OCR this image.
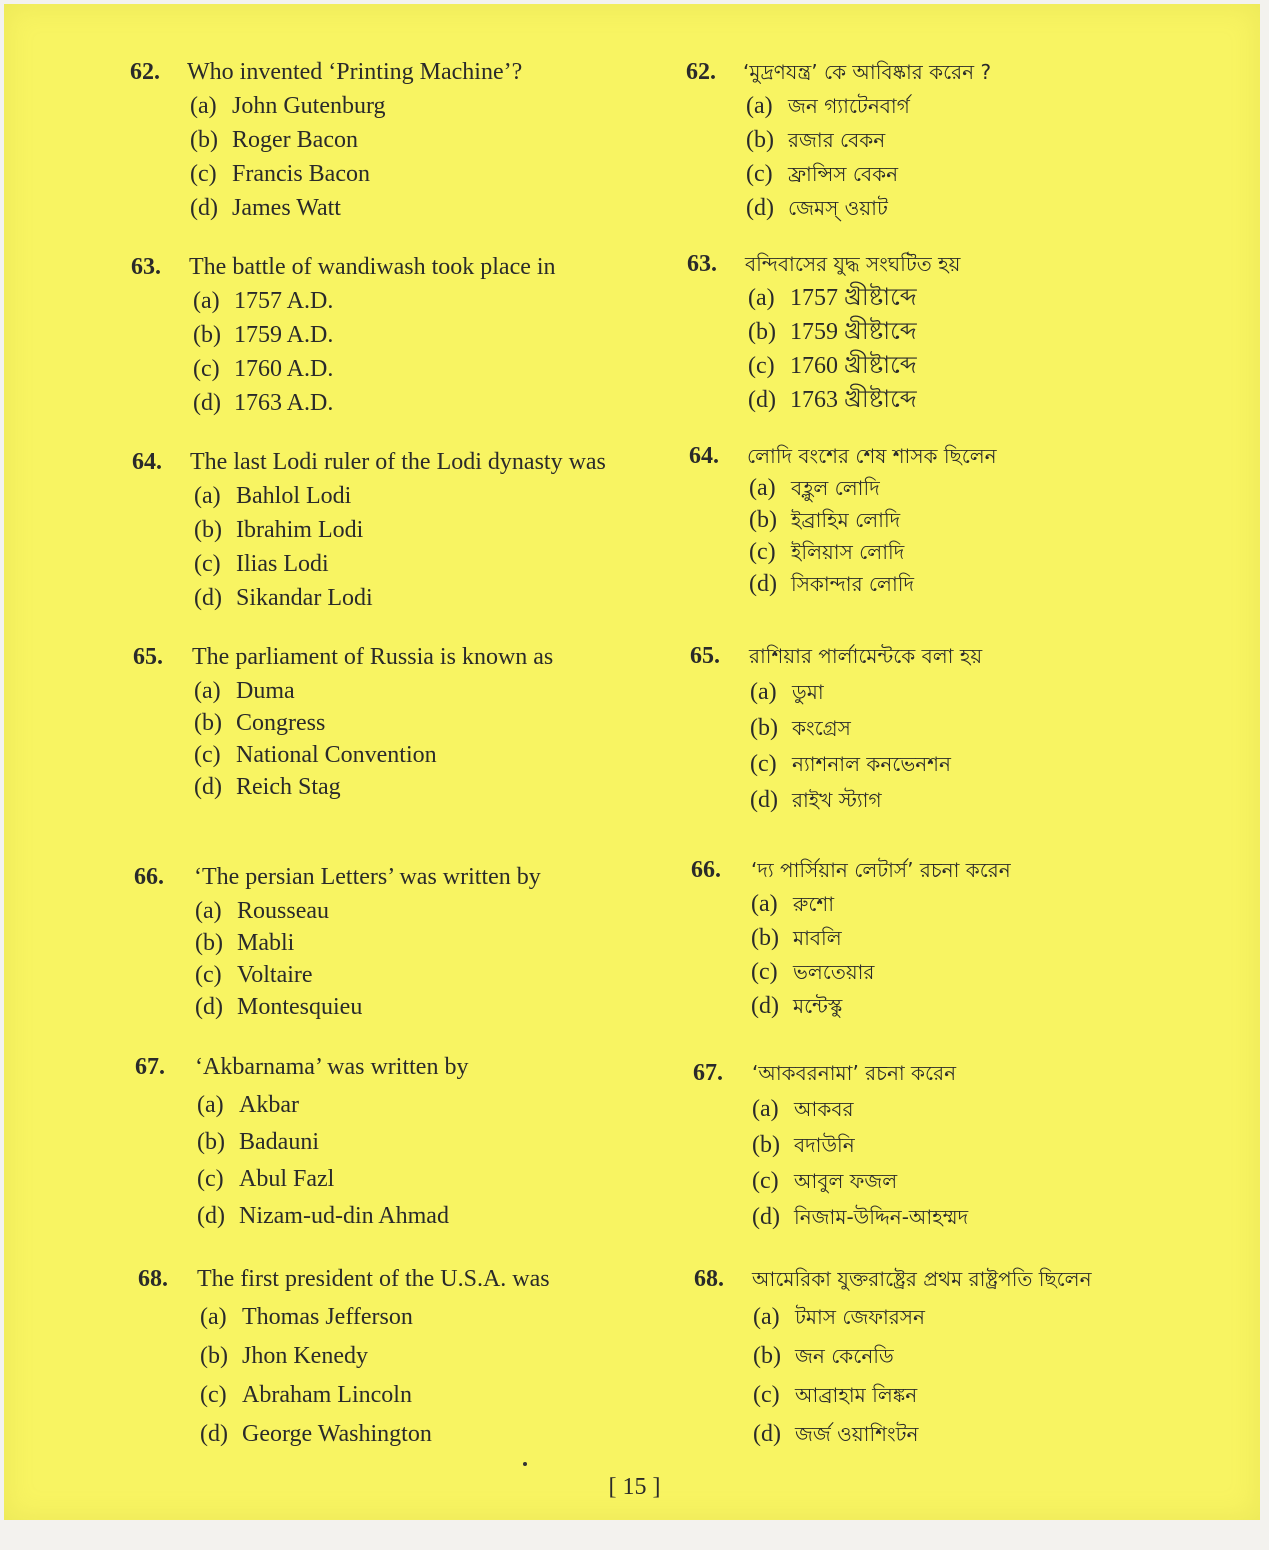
62. Who invented ‘Printing Machine’?
(a) John Gutenburg
(b) Roger Bacon
(c) Francis Bacon
(d) James Watt
63. The battle of wandiwash took place in
(a) 1757 A.D.
(b) 1759 A.D.
(c) 1760 A.D.
(d) 1763 A.D.
64. The last Lodi ruler of the Lodi dynasty was
(a) Bahlol Lodi
(b) Ibrahim Lodi
(c) Ilias Lodi
(d) Sikandar Lodi
65. The parliament of Russia is known as
(a) Duma
(b) Congress
(c) National Convention
(d) Reich Stag
66. ‘The persian Letters’ was written by
(a) Rousseau
(b) Mabli
(c) Voltaire
(d) Montesquieu
67. ‘Akbarnama’ was written by
(a) Akbar
(b) Badauni
(c) Abul Fazl
(d) Nizam-ud-din Ahmad
68. The first president of the U.S.A. was
(a) Thomas Jefferson
(b) Jhon Kenedy
(c) Abraham Lincoln
(d) George Washington
62. ‘মুদ্রণযন্ত্র’ কে আবিষ্কার করেন ?
(a) জন গ্যাটেনবার্গ
(b) রজার বেকন
(c) ফ্রান্সিস বেকন
(d) জেমস্ ওয়াট
63. বন্দিবাসের যুদ্ধ সংঘটিত হয়
(a) 1757 খ্রীষ্টাব্দে
(b) 1759 খ্রীষ্টাব্দে
(c) 1760 খ্রীষ্টাব্দে
(d) 1763 খ্রীষ্টাব্দে
64. লোদি বংশের শেষ শাসক ছিলেন
(a) বহ্লুল লোদি
(b) ইব্রাহিম লোদি
(c) ইলিয়াস লোদি
(d) সিকান্দার লোদি
65. রাশিয়ার পার্লামেন্টকে বলা হয়
(a) ডুমা
(b) কংগ্রেস
(c) ন্যাশনাল কনভেনশন
(d) রাইখ স্ট্যাগ
66. ‘দ্য পার্সিয়ান লেটার্স’ রচনা করেন
(a) রুশো
(b) মাবলি
(c) ভলতেয়ার
(d) মন্টেস্কু
67. ‘আকবরনামা’ রচনা করেন
(a) আকবর
(b) বদাউনি
(c) আবুল ফজল
(d) নিজাম-উদ্দিন-আহম্মদ
68. আমেরিকা যুক্তরাষ্ট্রের প্রথম রাষ্ট্রপতি ছিলেন
(a) টমাস জেফারসন
(b) জন কেনেডি
(c) আব্রাহাম লিঙ্কন
(d) জর্জ ওয়াশিংটন
[ 15 ]
